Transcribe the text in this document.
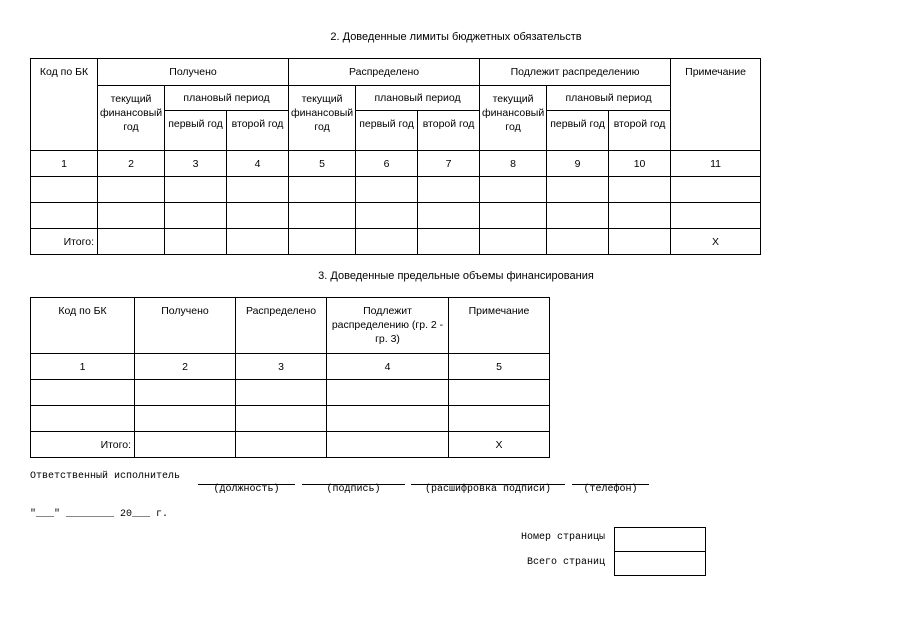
2. Доведенные лимиты бюджетных обязательств
Код по БК	Получено			Распределено			Подлежит распределению			Примечание
	текущий финансовый год	плановый период		текущий финансовый год	плановый период		текущий финансовый год	плановый период		
		первый год	второй год		первый год	второй год		первый год	второй год	
1	2	3	4	5	6	7	8	9	10	11

Итого:										Х
3. Доведенные предельные объемы финансирования
Код по БК	Получено	Распределено	Подлежит распределению (гр. 2 - гр. 3)	Примечание
1	2	3	4	5

Итого:				Х
Ответственный исполнитель
(должность)	(подпись)	(расшифровка подписи)	(телефон)
"___" ________ 20___ г.
Номер страницы
Всего страниц
